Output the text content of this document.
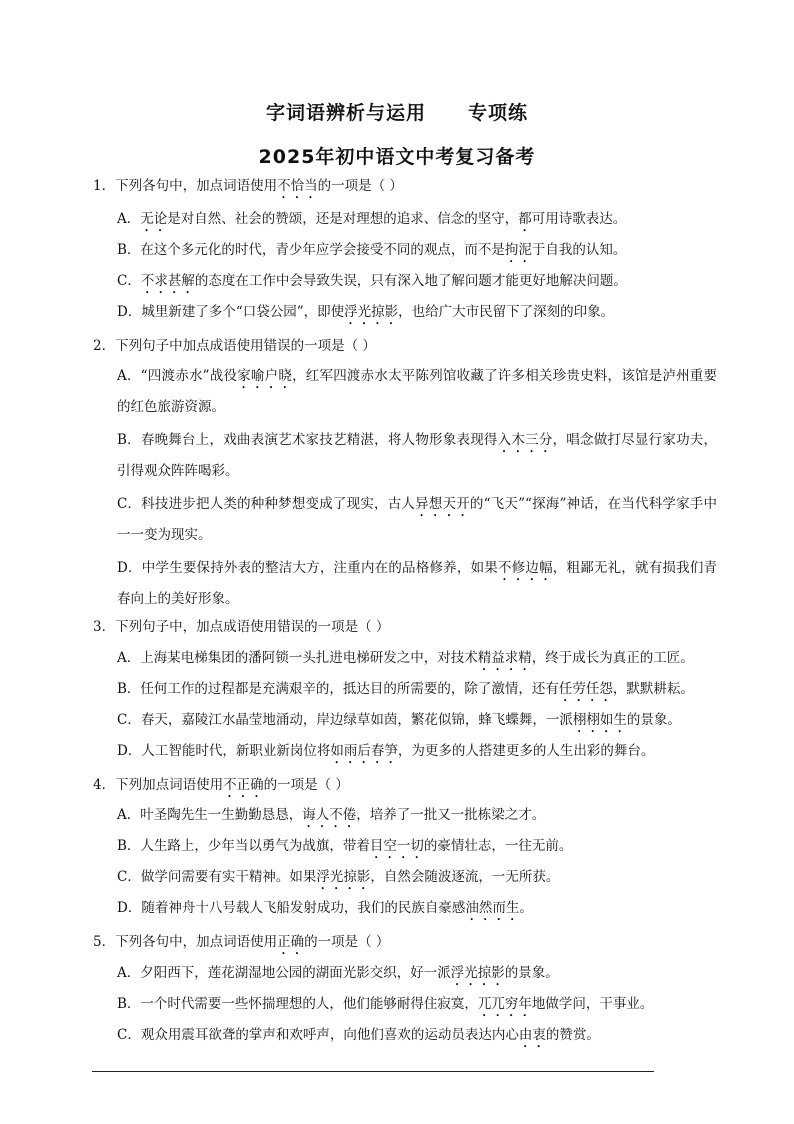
字词语辨析与运用 专项练
2025年初中语文中考复习备考
1．下列各句中，加点词语使用不恰当的一项是（ ）
A．无论是对自然、社会的赞颂，还是对理想的追求、信念的坚守，都可用诗歌表达。
B．在这个多元化的时代，青少年应学会接受不同的观点，而不是拘泥于自我的认知。
C．不求甚解的态度在工作中会导致失误，只有深入地了解问题才能更好地解决问题。
D．城里新建了多个“口袋公园”，即使浮光掠影，也给广大市民留下了深刻的印象。
2．下列句子中加点成语使用错误的一项是（ ）
A．“四渡赤水”战役家喻户晓，红军四渡赤水太平陈列馆收藏了许多相关珍贵史料，该馆是泸州重要的红色旅游资源。
B．春晚舞台上，戏曲表演艺术家技艺精湛，将人物形象表现得入木三分，唱念做打尽显行家功夫，引得观众阵阵喝彩。
C．科技进步把人类的种种梦想变成了现实，古人异想天开的“飞天”“探海”神话，在当代科学家手中一一变为现实。
D．中学生要保持外表的整洁大方，注重内在的品格修养，如果不修边幅，粗鄙无礼，就有损我们青春向上的美好形象。
3．下列句子中，加点成语使用错误的一项是（ ）
A．上海某电梯集团的潘阿锁一头扎进电梯研发之中，对技术精益求精，终于成长为真正的工匠。
B．任何工作的过程都是充满艰辛的，抵达目的所需要的，除了激情，还有任劳任怨，默默耕耘。
C．春天，嘉陵江水晶莹地涌动，岸边绿草如茵，繁花似锦，蜂飞蝶舞，一派栩栩如生的景象。
D．人工智能时代，新职业新岗位将如雨后春笋，为更多的人搭建更多的人生出彩的舞台。
4．下列加点词语使用不正确的一项是（ ）
A．叶圣陶先生一生勤勤恳恳，诲人不倦，培养了一批又一批栋梁之才。
B．人生路上，少年当以勇气为战旗，带着目空一切的豪情壮志，一往无前。
C．做学问需要有实干精神。如果浮光掠影，自然会随波逐流，一无所获。
D．随着神舟十八号载人飞船发射成功，我们的民族自豪感油然而生。
5．下列各句中，加点词语使用正确的一项是（ ）
A．夕阳西下，莲花湖湿地公园的湖面光影交织，好一派浮光掠影的景象。
B．一个时代需要一些怀揣理想的人，他们能够耐得住寂寞，兀兀穷年地做学问，干事业。
C．观众用震耳欲聋的掌声和欢呼声，向他们喜欢的运动员表达内心由衷的赞赏。
